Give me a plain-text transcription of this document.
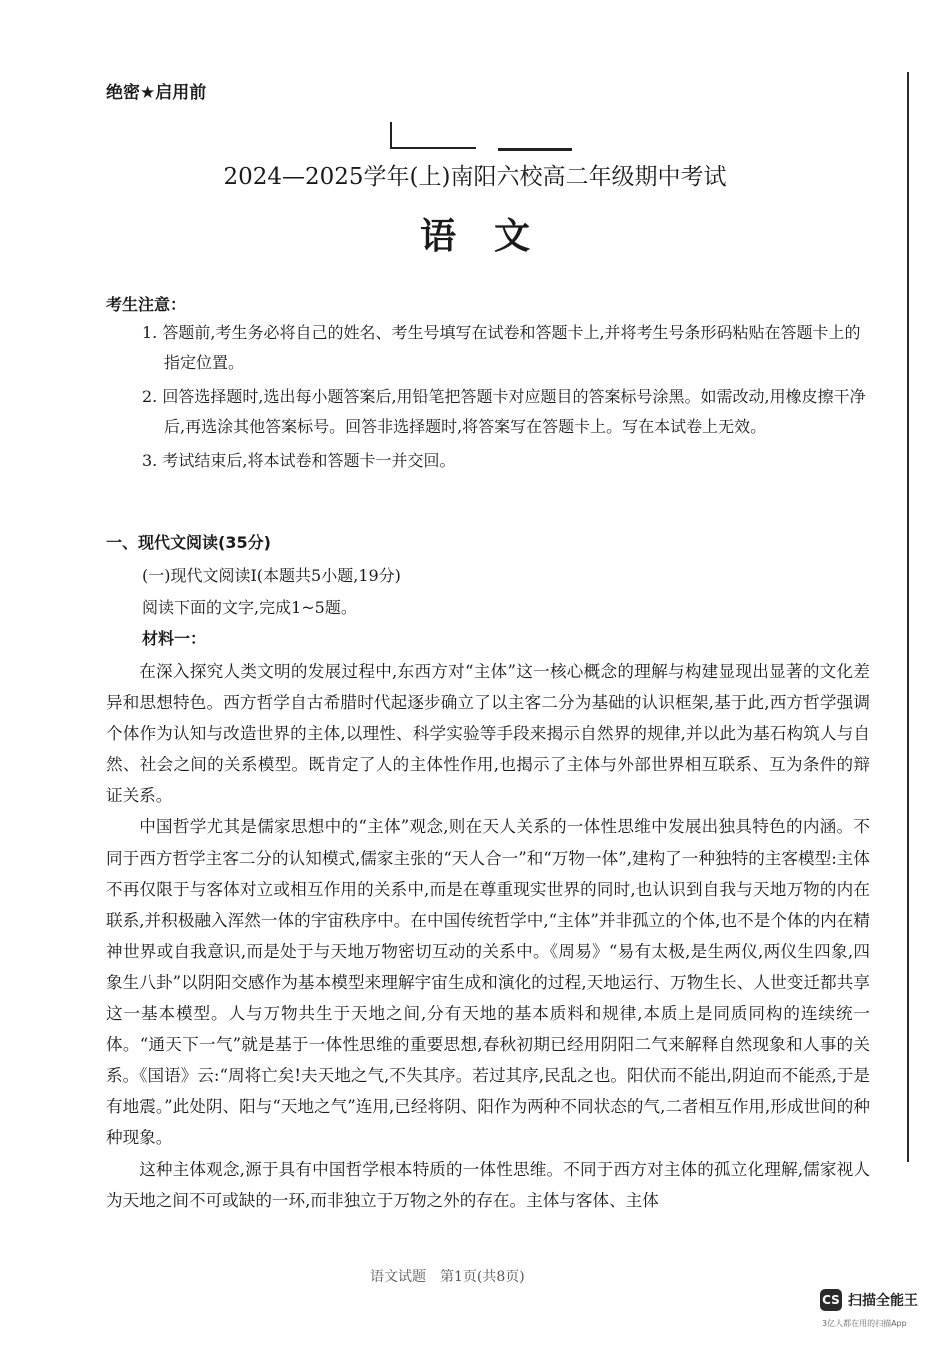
绝密★启用前
2024—2025学年(上)南阳六校高二年级期中考试
语文
考生注意：

1. 答题前,考生务必将自己的姓名、考生号填写在试卷和答题卡上,并将考生号条形码粘贴在答题卡上的指定位置。

2. 回答选择题时,选出每小题答案后,用铅笔把答题卡对应题目的答案标号涂黑。如需改动,用橡皮擦干净后,再选涂其他答案标号。回答非选择题时,将答案写在答题卡上。写在本试卷上无效。

3. 考试结束后,将本试卷和答题卡一并交回。

一、现代文阅读(35分)
(一)现代文阅读Ⅰ(本题共5小题,19分)
阅读下面的文字,完成1~5题。
材料一：

在深入探究人类文明的发展过程中,东西方对“主体”这一核心概念的理解与构建显现出显著的文化差异和思想特色。西方哲学自古希腊时代起逐步确立了以主客二分为基础的认识框架,基于此,西方哲学强调个体作为认知与改造世界的主体,以理性、科学实验等手段来揭示自然界的规律,并以此为基石构筑人与自然、社会之间的关系模型。既肯定了人的主体性作用,也揭示了主体与外部世界相互联系、互为条件的辩证关系。

中国哲学尤其是儒家思想中的“主体”观念,则在天人关系的一体性思维中发展出独具特色的内涵。不同于西方哲学主客二分的认知模式,儒家主张的“天人合一”和“万物一体”,建构了一种独特的主客模型:主体不再仅限于与客体对立或相互作用的关系中,而是在尊重现实世界的同时,也认识到自我与天地万物的内在联系,并积极融入浑然一体的宇宙秩序中。在中国传统哲学中,“主体”并非孤立的个体,也不是个体的内在精神世界或自我意识,而是处于与天地万物密切互动的关系中。《周易》“易有太极,是生两仪,两仪生四象,四象生八卦”以阴阳交感作为基本模型来理解宇宙生成和演化的过程,天地运行、万物生长、人世变迁都共享这一基本模型。人与万物共生于天地之间,分有天地的基本质料和规律,本质上是同质同构的连续统一体。“通天下一气”就是基于一体性思维的重要思想,春秋初期已经用阴阳二气来解释自然现象和人事的关系。《国语》云:“周将亡矣!夫天地之气,不失其序。若过其序,民乱之也。阳伏而不能出,阴迫而不能烝,于是有地震。”此处阴、阳与“天地之气”连用,已经将阴、阳作为两种不同状态的气,二者相互作用,形成世间的种种现象。

这种主体观念,源于具有中国哲学根本特质的一体性思维。不同于西方对主体的孤立化理解,儒家视人为天地之间不可或缺的一环,而非独立于万物之外的存在。主体与客体、主体

语文试题　第1页(共8页)
CS 扫描全能王
3亿人都在用的扫描App
